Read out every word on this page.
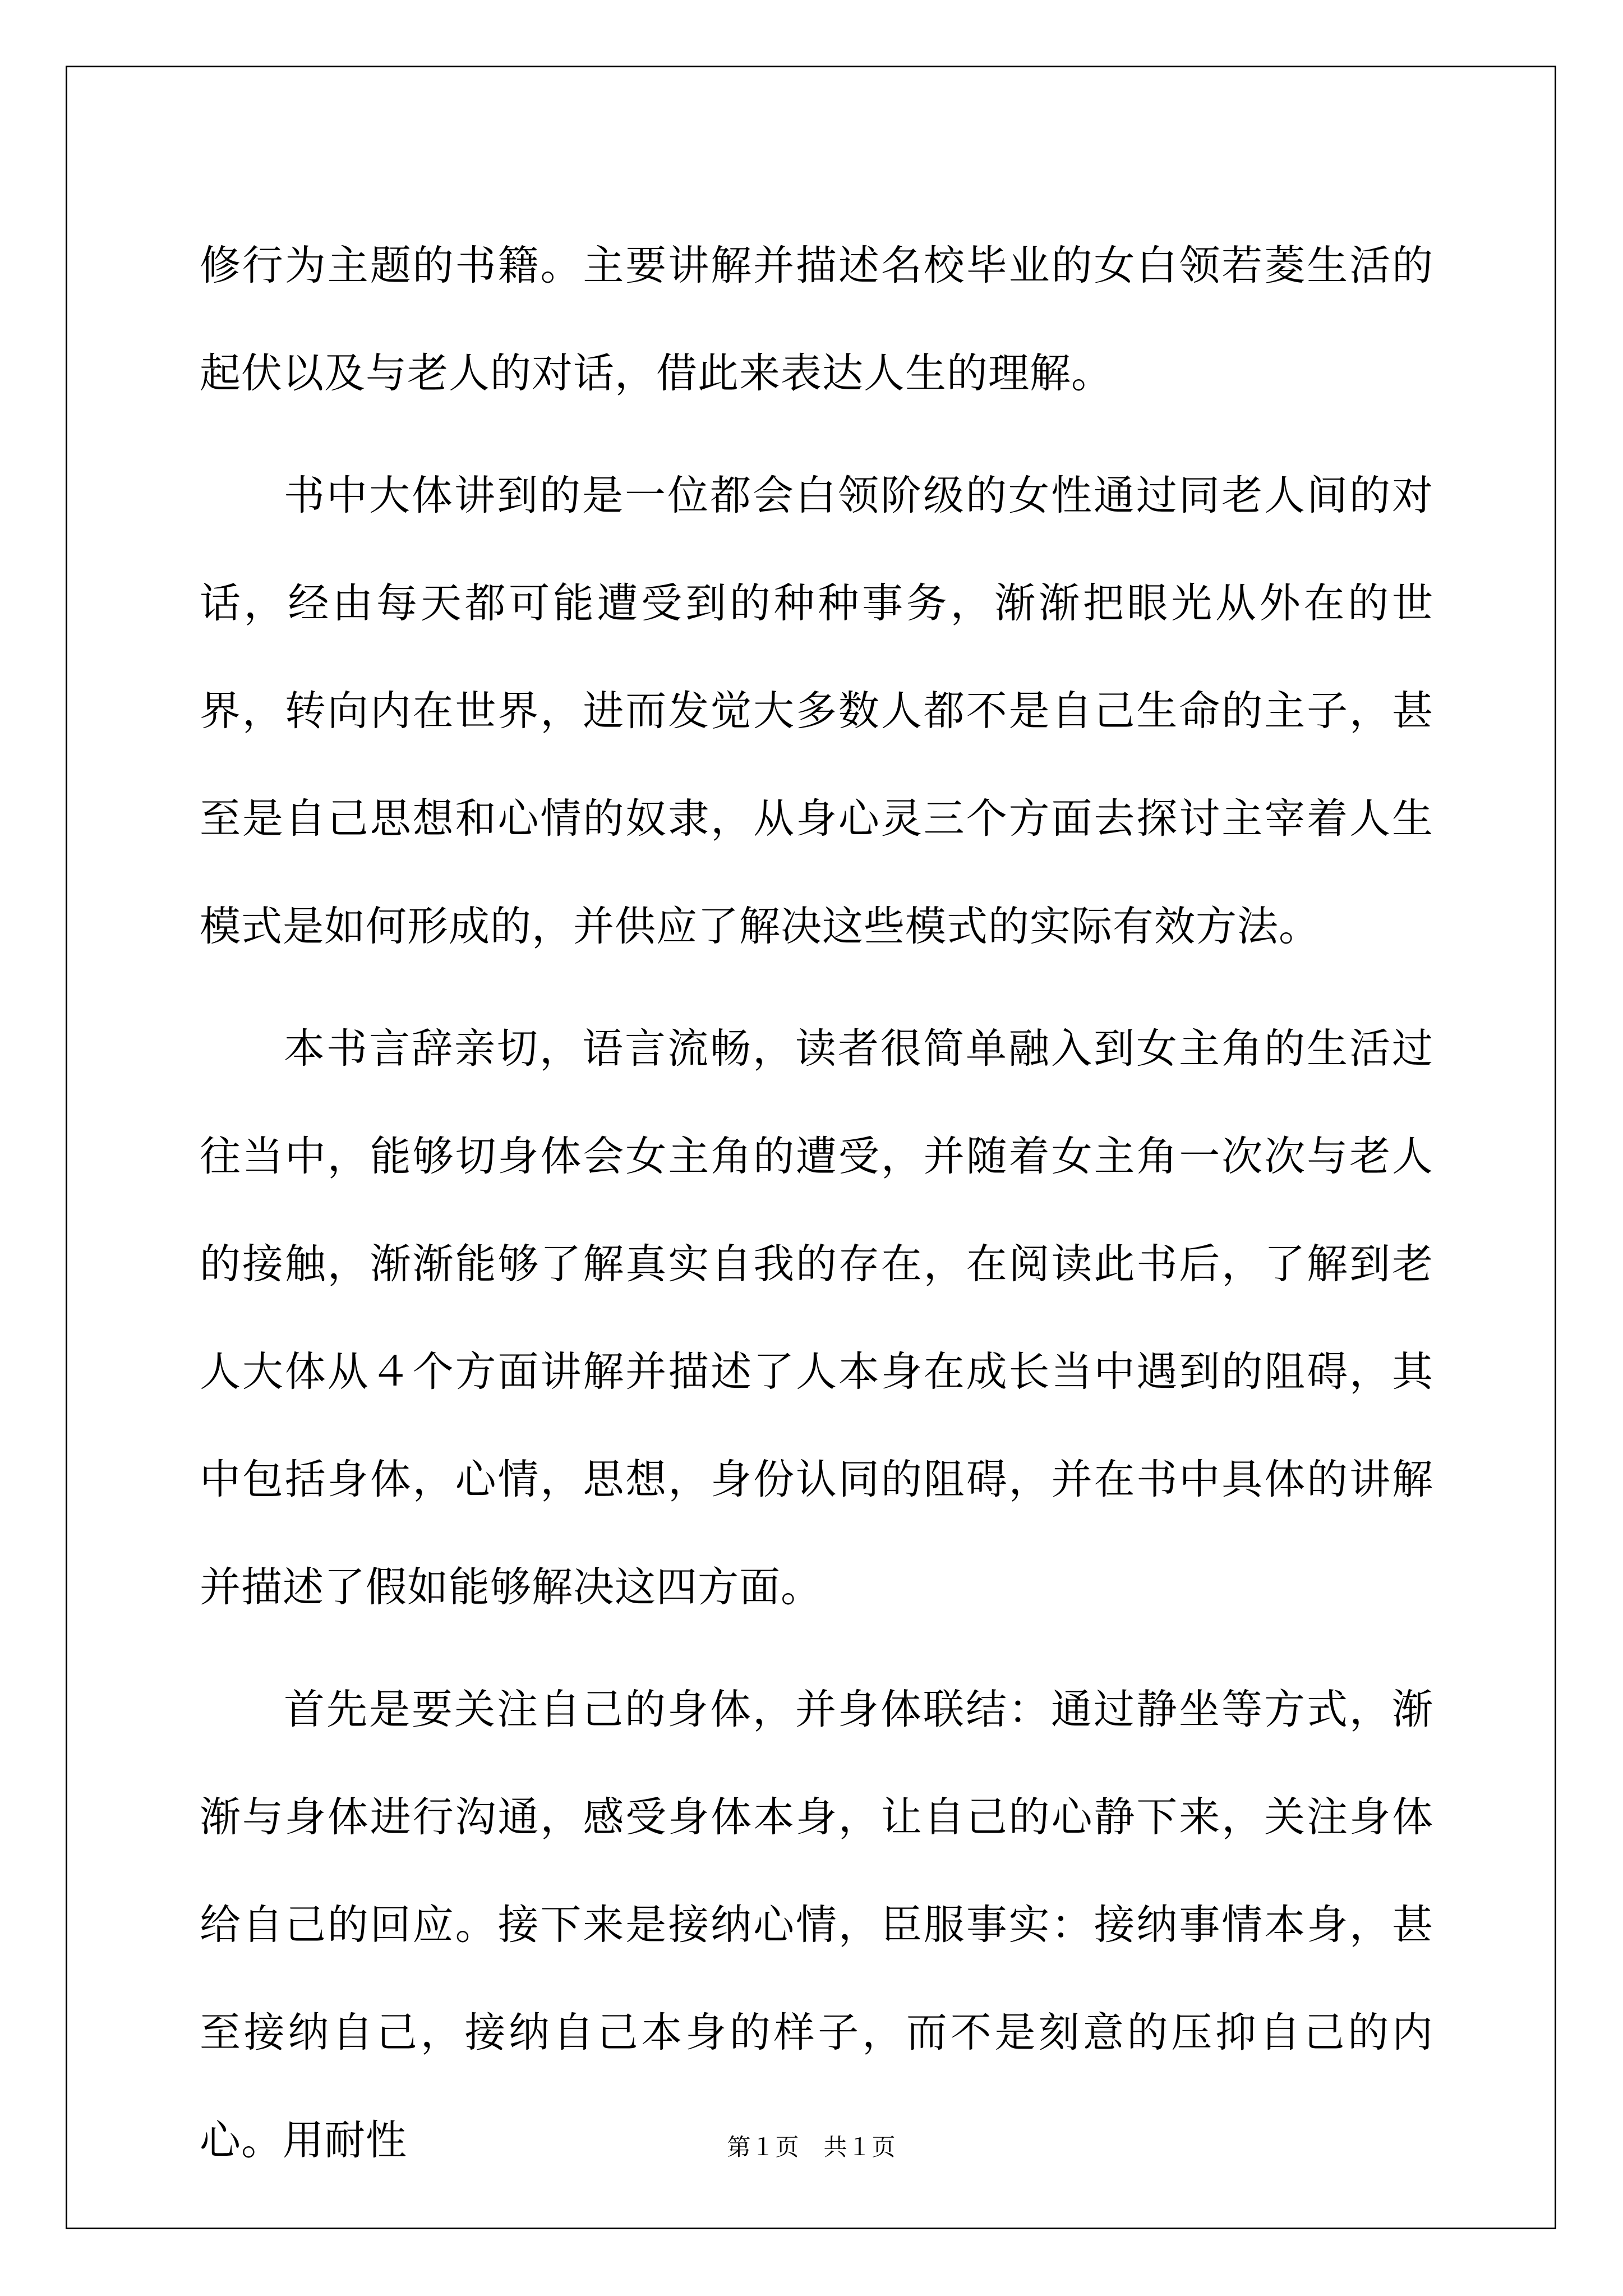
修行为主题的书籍。主要讲解并描述名校毕业的女白领若菱生活的起伏以及与老人的对话，借此来表达人生的理解。

书中大体讲到的是一位都会白领阶级的女性通过同老人间的对话，经由每天都可能遭受到的种种事务，渐渐把眼光从外在的世界，转向内在世界，进而发觉大多数人都不是自己生命的主子，甚至是自己思想和心情的奴隶，从身心灵三个方面去探讨主宰着人生模式是如何形成的，并供应了解决这些模式的实际有效方法。

本书言辞亲切，语言流畅，读者很简单融入到女主角的生活过往当中，能够切身体会女主角的遭受，并随着女主角一次次与老人的接触，渐渐能够了解真实自我的存在，在阅读此书后，了解到老人大体从４个方面讲解并描述了人本身在成长当中遇到的阻碍，其中包括身体，心情，思想，身份认同的阻碍，并在书中具体的讲解并描述了假如能够解决这四方面。

首先是要关注自己的身体，并身体联结：通过静坐等方式，渐渐与身体进行沟通，感受身体本身，让自己的心静下来，关注身体给自己的回应。接下来是接纳心情，臣服事实：接纳事情本身，甚至接纳自己，接纳自己本身的样子，而不是刻意的压抑自己的内心。用耐性	第１页　共１页
